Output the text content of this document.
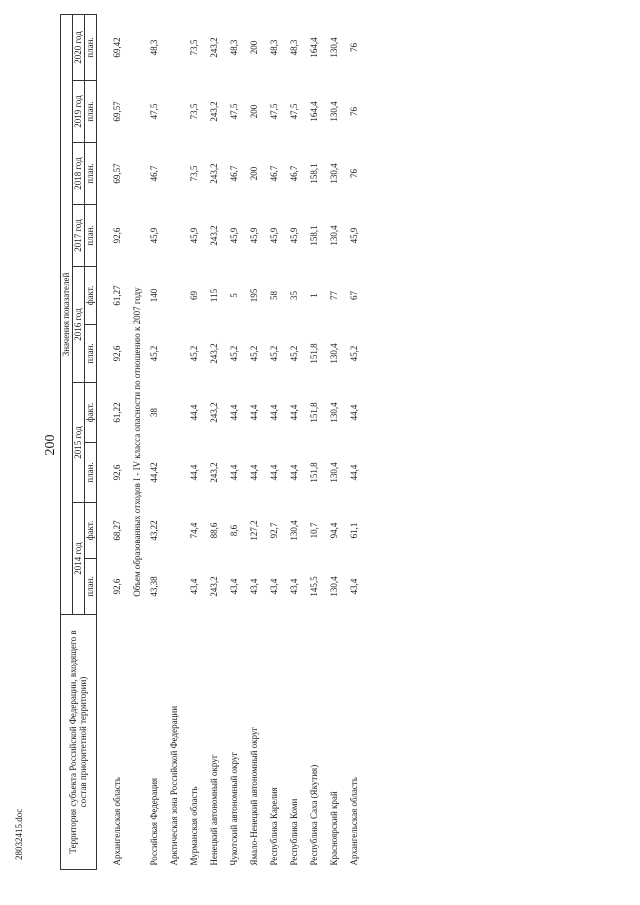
200
28032415.doc	Территория субъекта Российской Федерации, входящего в состав приоритетной территории)	Значения показателей									
	2014 год		2015 год		2016 год		2017 год	2018 год	2019 год	2020 год
	план.	факт.	план.	факт.	план.	факт.	план.	план.	план.	план.

Архангельская область	92,6	68,27	92,6	61,22	92,6	61,27	92,6	69,57	69,57	69,42
Объем образованных отходов I - IV класса опасности по отношению к 2007 году										
Российская Федерация	43,38	43,22	44,42	38	45,2	140	45,9	46,7	47,5	48,3
Арктическая зона Российской Федерации										
Мурманская область	43,4	74,4	44,4	44,4	45,2	69	45,9	73,5	73,5	73,5
Ненецкий автономный округ	243,2	88,6	243,2	243,2	243,2	115	243,2	243,2	243,2	243,2
Чукотский автономный округ	43,4	8,6	44,4	44,4	45,2	5	45,9	46,7	47,5	48,3
Ямало-Ненецкий автономный округ	43,4	127,2	44,4	44,4	45,2	195	45,9	200	200	200
Республика Карелия	43,4	92,7	44,4	44,4	45,2	58	45,9	46,7	47,5	48,3
Республика Коми	43,4	130,4	44,4	44,4	45,2	35	45,9	46,7	47,5	48,3
Республика Саха (Якутия)	145,5	10,7	151,8	151,8	151,8	1	158,1	158,1	164,4	164,4
Красноярский край	130,4	94,4	130,4	130,4	130,4	77	130,4	130,4	130,4	130,4
Архангельская область	43,4	61,1	44,4	44,4	45,2	67	45,9	76	76	76
